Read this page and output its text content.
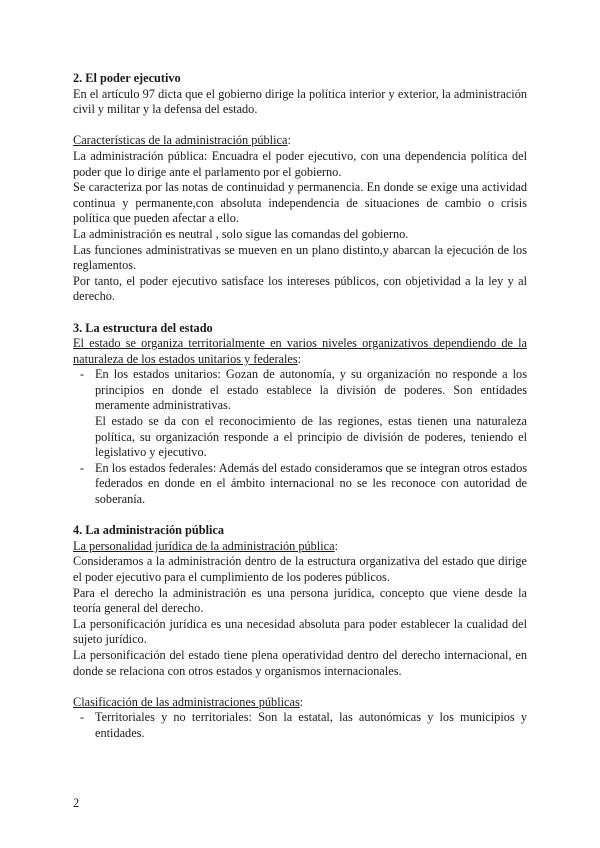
2. El poder ejecutivo

En el artículo 97 dicta que el gobierno dirige la política interior y exterior, la administración civil y militar y la defensa del estado.

Características de la administración pública:

La administración pública: Encuadra el poder ejecutivo, con una dependencia política del poder que lo dirige ante el parlamento por el gobierno.

Se caracteriza por las notas de continuidad y permanencia. En donde se exige una actividad continua y permanente,con absoluta independencia de situaciones de cambio o crisis política que pueden afectar a ello.

La administración es neutral , solo sigue las comandas del gobierno.

Las funciones administrativas se mueven en un plano distinto,y abarcan la ejecución de los reglamentos.

Por tanto, el poder ejecutivo satisface los intereses públicos, con objetividad a la ley y al derecho.

3. La estructura del estado

El estado se organiza territorialmente en varios niveles organizativos dependiendo de la naturaleza de los estados unitarios y federales:

- En los estados unitarios: Gozan de autonomía, y su organización no responde a los principios en donde el estado establece la división de poderes. Son entidades meramente administrativas.

El estado se da con el reconocimiento de las regiones, estas tienen una naturaleza política, su organización responde a el principio de división de poderes, teniendo el legislativo y ejecutivo.

- En los estados federales: Además del estado consideramos que se integran otros estados federados en donde en el ámbito internacional no se les reconoce con autoridad de soberanía.

4. La administración pública

La personalidad jurídica de la administración pública:

Consideramos a la administración dentro de la estructura organizativa del estado que dirige el poder ejecutivo para el cumplimiento de los poderes públicos.

Para el derecho la administración es una persona jurídica, concepto que viene desde la teoría general del derecho.

La personificación jurídica es una necesidad absoluta para poder establecer la cualidad del sujeto jurídico.

La personificación del estado tiene plena operatividad dentro del derecho internacional, en donde se relaciona con otros estados y organismos internacionales.

Clasificación de las administraciones públicas:

- Territoriales y no territoriales: Son la estatal, las autonómicas y los municipios y entidades.

2
